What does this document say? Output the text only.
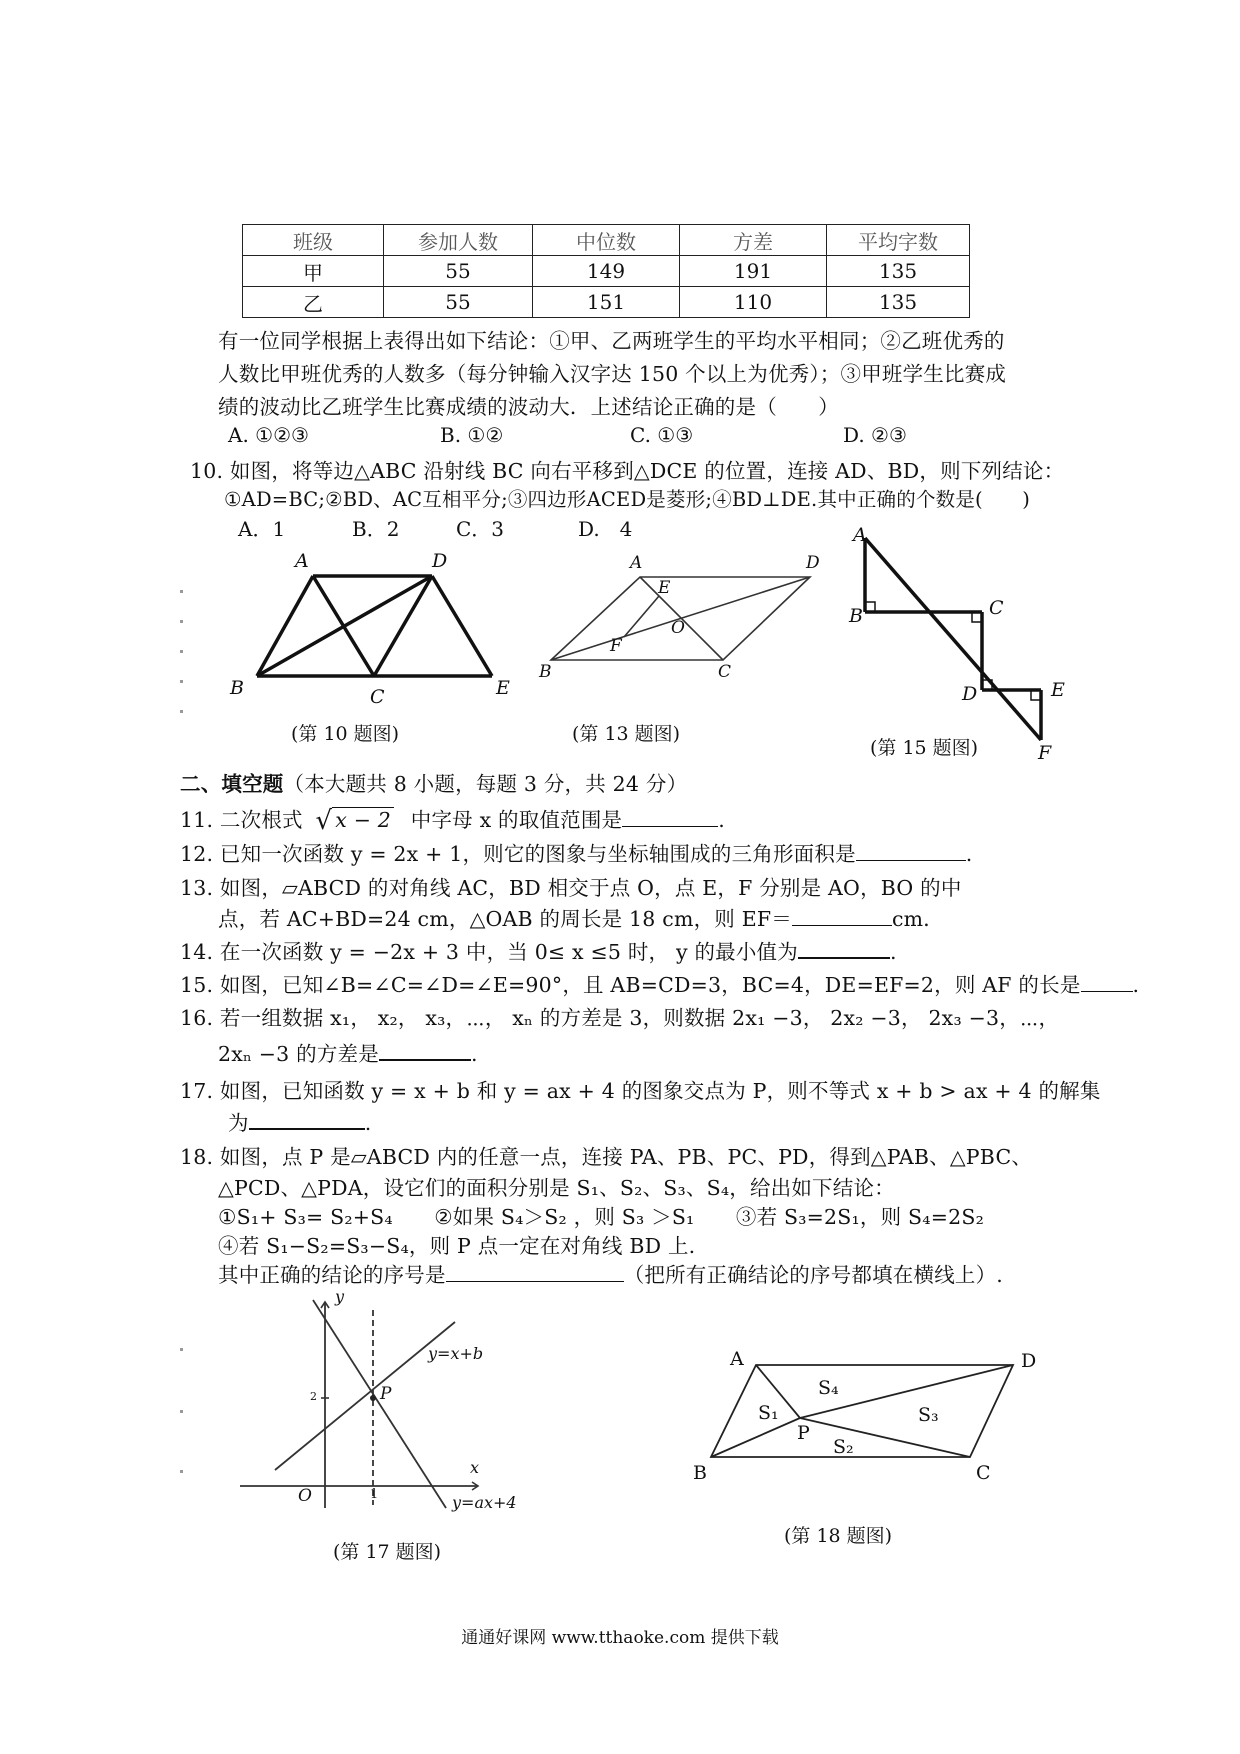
班级	参加人数	中位数	方差	平均字数
甲	55	149	191	135
乙	55	151	110	135
有一位同学根据上表得出如下结论：①甲、乙两班学生的平均水平相同；②乙班优秀的
人数比甲班优秀的人数多（每分钟输入汉字达 150 个以上为优秀）；③甲班学生比赛成
绩的波动比乙班学生比赛成绩的波动大．上述结论正确的是（　　）
A. ①②③	B. ①②	C. ①③	D. ②③
10. 如图，将等边△ABC 沿射线 BC 向右平移到△DCE 的位置，连接 AD、BD，则下列结论：
①AD=BC;②BD、AC互相平分;③四边形ACED是菱形;④BD⊥DE.其中正确的个数是(　　)
A．1	B．2	C．3	D.　4
A	D
B	C	E
(第 10 题图)
A	D
E
O
F
B	C
(第 13 题图)
A
B	C
D	E
F
(第 15 题图)
二、填空题（本大题共 8 小题，每题 3 分，共 24 分）
11. 二次根式 √ x − 2 中字母 x 的取值范围是	.
12. 已知一次函数 y = 2x + 1，则它的图象与坐标轴围成的三角形面积是	.
13. 如图，▱ABCD 的对角线 AC，BD 相交于点 O，点 E，F 分别是 AO，BO 的中
点，若 AC+BD=24 cm，△OAB 的周长是 18 cm，则 EF＝	cm．
14. 在一次函数 y = −2x + 3 中，当 0≤ x ≤5 时， y 的最小值为	.
15. 如图，已知∠B=∠C=∠D=∠E=90°，且 AB=CD=3，BC=4，DE=EF=2，则 AF 的长是	.
16. 若一组数据 x₁， x₂， x₃，⋯， xₙ 的方差是 3，则数据 2x₁ −3， 2x₂ −3， 2x₃ −3，⋯，
2xₙ −3 的方差是	.
17. 如图，已知函数 y = x + b 和 y = ax + 4 的图象交点为 P，则不等式 x + b > ax + 4 的解集
为	.
18. 如图，点 P 是▱ABCD 内的任意一点，连接 PA、PB、PC、PD，得到△PAB、△PBC、
△PCD、△PDA，设它们的面积分别是 S₁、S₂、S₃、S₄，给出如下结论：
①S₁+ S₃= S₂+S₄　　②如果 S₄＞S₂ ，则 S₃ ＞S₁　　③若 S₃=2S₁，则 S₄=2S₂
④若 S₁−S₂=S₃−S₄，则 P 点一定在对角线 BD 上.
其中正确的结论的序号是	（把所有正确结论的序号都填在横线上）.
y
x
O	1
2	P
y=x+b
y=ax+4
(第 17 题图)
A	D
B	C
P
S₁
S₂
S₃
S₄
(第 18 题图)
通通好课网 www.tthaoke.com 提供下载
